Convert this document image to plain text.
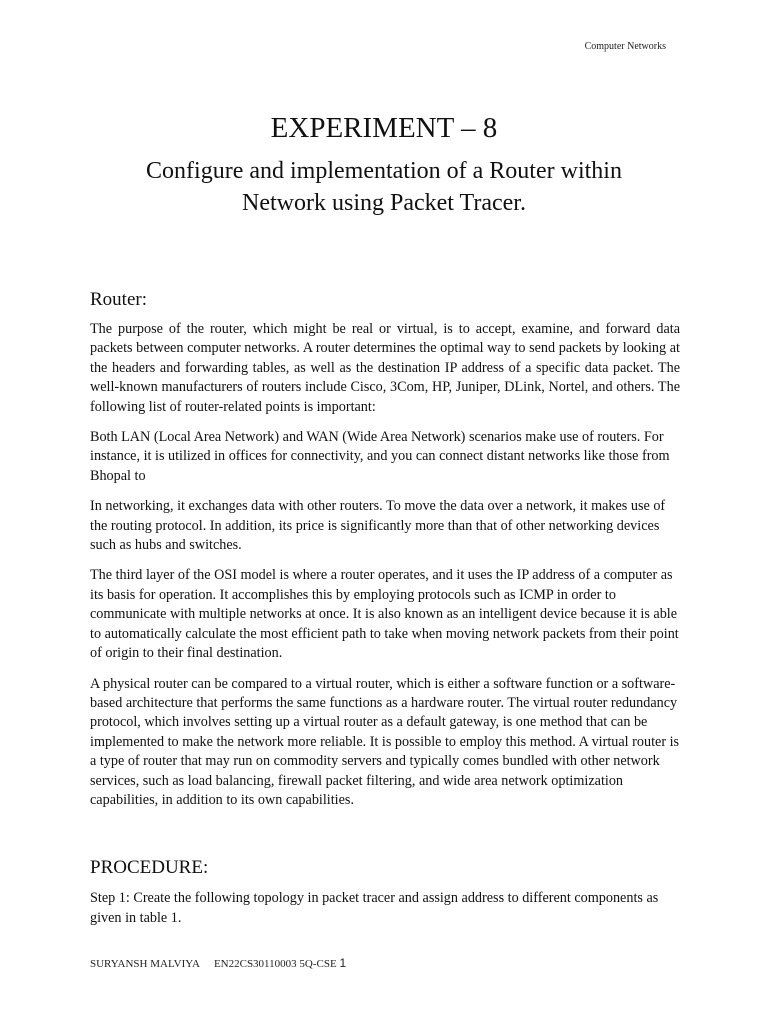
Computer Networks
EXPERIMENT – 8
Configure and implementation of a Router within Network using Packet Tracer.
Router:

The purpose of the router, which might be real or virtual, is to accept, examine, and forward data packets between computer networks. A router determines the optimal way to send packets by looking at the headers and forwarding tables, as well as the destination IP address of a specific data packet. The well-known manufacturers of routers include Cisco, 3Com, HP, Juniper, DLink, Nortel, and others. The following list of router-related points is important:

Both LAN (Local Area Network) and WAN (Wide Area Network) scenarios make use of routers. For instance, it is utilized in offices for connectivity, and you can connect distant networks like those from Bhopal to

In networking, it exchanges data with other routers. To move the data over a network, it makes use of the routing protocol. In addition, its price is significantly more than that of other networking devices such as hubs and switches.

The third layer of the OSI model is where a router operates, and it uses the IP address of a computer as its basis for operation. It accomplishes this by employing protocols such as ICMP in order to communicate with multiple networks at once. It is also known as an intelligent device because it is able to automatically calculate the most efficient path to take when moving network packets from their point of origin to their final destination.

A physical router can be compared to a virtual router, which is either a software function or a software-based architecture that performs the same functions as a hardware router. The virtual router redundancy protocol, which involves setting up a virtual router as a default gateway, is one method that can be implemented to make the network more reliable. It is possible to employ this method. A virtual router is a type of router that may run on commodity servers and typically comes bundled with other network services, such as load balancing, firewall packet filtering, and wide area network optimization capabilities, in addition to its own capabilities.

PROCEDURE:

Step 1: Create the following topology in packet tracer and assign address to different components as given in table 1.

SURYANSH MALVIYA EN22CS30110003 5Q-CSE 1
